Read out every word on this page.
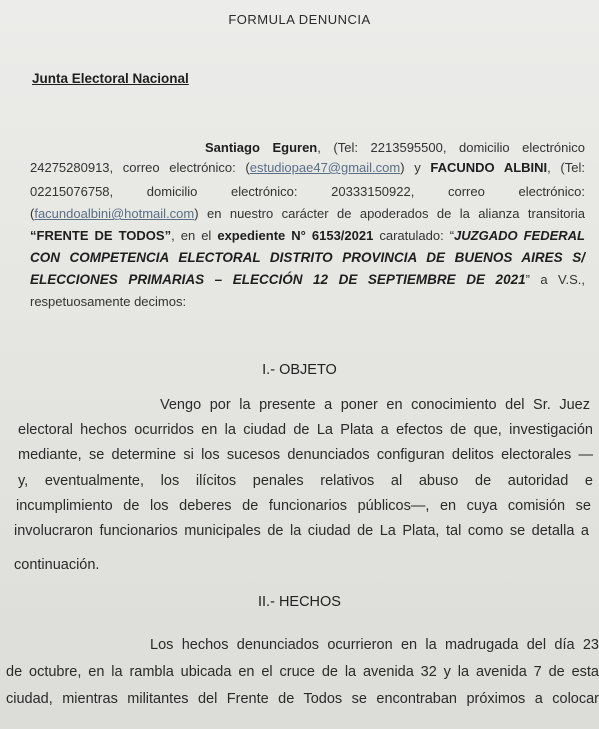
FORMULA DENUNCIA
Junta Electoral Nacional
Santiago Eguren, (Tel: 2213595500, domicilio electrónico
24275280913, correo electrónico: (estudiopae47@gmail.com) y FACUNDO ALBINI, (Tel:
02215076758, domicilio electrónico: 20333150922, correo electrónico:
(facundoalbini@hotmail.com) en nuestro carácter de apoderados de la alianza transitoria
“FRENTE DE TODOS”, en el expediente N° 6153/2021 caratulado: “JUZGADO FEDERAL
CON COMPETENCIA ELECTORAL DISTRITO PROVINCIA DE BUENOS AIRES S/
ELECCIONES PRIMARIAS – ELECCIÓN 12 DE SEPTIEMBRE DE 2021” a V.S.,
respetuosamente decimos:
I.- OBJETO
Vengo por la presente a poner en conocimiento del Sr. Juez
electoral hechos ocurridos en la ciudad de La Plata a efectos de que, investigación
mediante, se determine si los sucesos denunciados configuran delitos electorales —
y, eventualmente, los ilícitos penales relativos al abuso de autoridad e
incumplimiento de los deberes de funcionarios públicos—, en cuya comisión se
involucraron funcionarios municipales de la ciudad de La Plata, tal como se detalla a
continuación.
II.- HECHOS
Los hechos denunciados ocurrieron en la madrugada del día 23
de octubre, en la rambla ubicada en el cruce de la avenida 32 y la avenida 7 de esta
ciudad, mientras militantes del Frente de Todos se encontraban próximos a colocar
